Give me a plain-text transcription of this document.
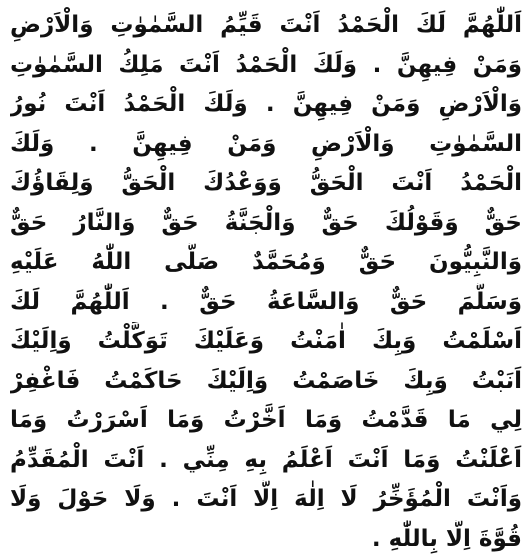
اَللّٰهُمَّ لَكَ الْحَمْدُ اَنْتَ قَيِّمُ السَّمٰوٰتِ وَالْاَرْضِ
وَمَنْ فِيهِنَّ . وَلَكَ الْحَمْدُ اَنْتَ مَلِكُ السَّمٰوٰتِ
وَالْاَرْضِ وَمَنْ فِيهِنَّ . وَلَكَ الْحَمْدُ اَنْتَ نُورُ
السَّمٰوٰتِ وَالْاَرْضِ وَمَنْ فِيهِنَّ . وَلَكَ
الْحَمْدُ اَنْتَ الْحَقُّ وَوَعْدُكَ الْحَقُّ وَلِقَاؤُكَ
حَقٌّ وَقَوْلُكَ حَقٌّ وَالْجَنَّةُ حَقٌّ وَالنَّارُ حَقٌّ
وَالنَّبِيُّونَ حَقٌّ وَمُحَمَّدٌ صَلَّى اللّٰهُ عَلَيْهِ
وَسَلَّمَ حَقٌّ وَالسَّاعَةُ حَقٌّ . اَللّٰهُمَّ لَكَ
اَسْلَمْتُ وَبِكَ اٰمَنْتُ وَعَلَيْكَ تَوَكَّلْتُ وَاِلَيْكَ
اَنَبْتُ وَبِكَ خَاصَمْتُ وَاِلَيْكَ حَاكَمْتُ فَاغْفِرْ
لِي مَا قَدَّمْتُ وَمَا اَخَّرْتُ وَمَا اَسْرَرْتُ وَمَا
اَعْلَنْتُ وَمَا اَنْتَ اَعْلَمُ بِهِ مِنِّي . اَنْتَ الْمُقَدِّمُ
وَاَنْتَ الْمُؤَخِّرُ لَا اِلٰهَ اِلَّا اَنْتَ . وَلَا حَوْلَ وَلَا
قُوَّةَ اِلَّا بِاللّٰهِ .
